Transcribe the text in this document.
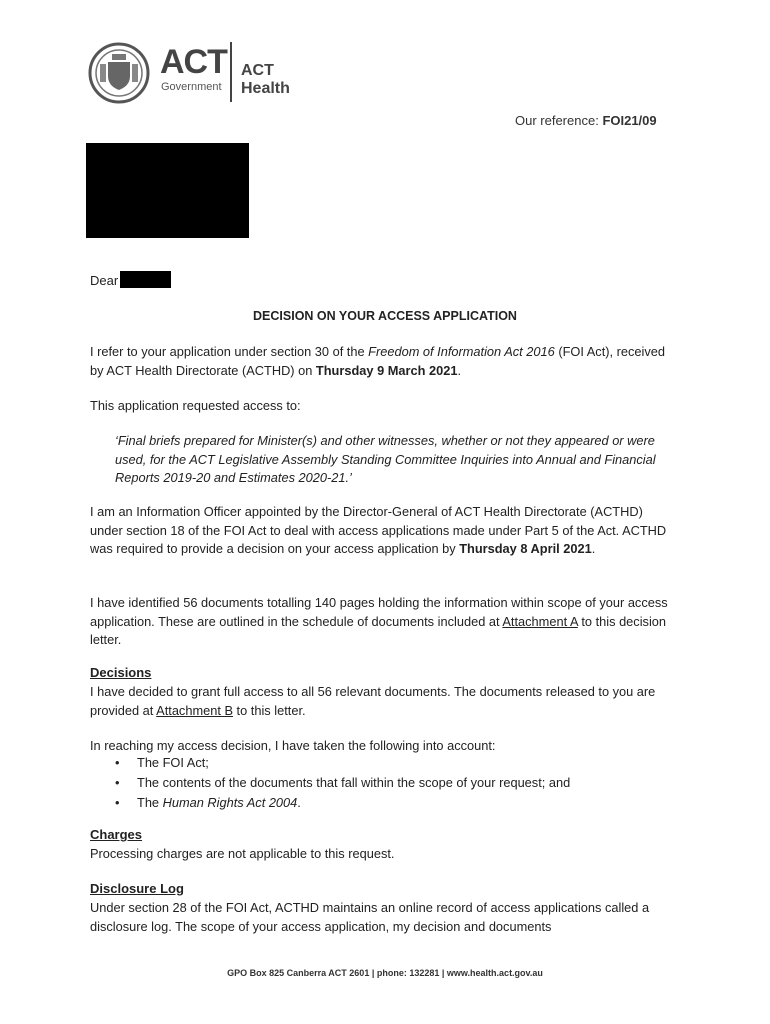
ACT
Government
ACT Health
Our reference: FOI21/09
Dear
DECISION ON YOUR ACCESS APPLICATION

I refer to your application under section 30 of the Freedom of Information Act 2016 (FOI Act), received by ACT Health Directorate (ACTHD) on Thursday 9 March 2021.

This application requested access to:

‘Final briefs prepared for Minister(s) and other witnesses, whether or not they appeared or were used, for the ACT Legislative Assembly Standing Committee Inquiries into Annual and Financial Reports 2019-20 and Estimates 2020-21.’

I am an Information Officer appointed by the Director-General of ACT Health Directorate (ACTHD) under section 18 of the FOI Act to deal with access applications made under Part 5 of the Act. ACTHD was required to provide a decision on your access application by Thursday 8 April 2021.

I have identified 56 documents totalling 140 pages holding the information within scope of your access application. These are outlined in the schedule of documents included at Attachment A to this decision letter.

Decisions

I have decided to grant full access to all 56 relevant documents. The documents released to you are provided at Attachment B to this letter.

In reaching my access decision, I have taken the following into account:

• The FOI Act;
• The contents of the documents that fall within the scope of your request; and
• The Human Rights Act 2004.
Charges

Processing charges are not applicable to this request.

Disclosure Log

Under section 28 of the FOI Act, ACTHD maintains an online record of access applications called a disclosure log. The scope of your access application, my decision and documents

GPO Box 825 Canberra ACT 2601 | phone: 132281 | www.health.act.gov.au
